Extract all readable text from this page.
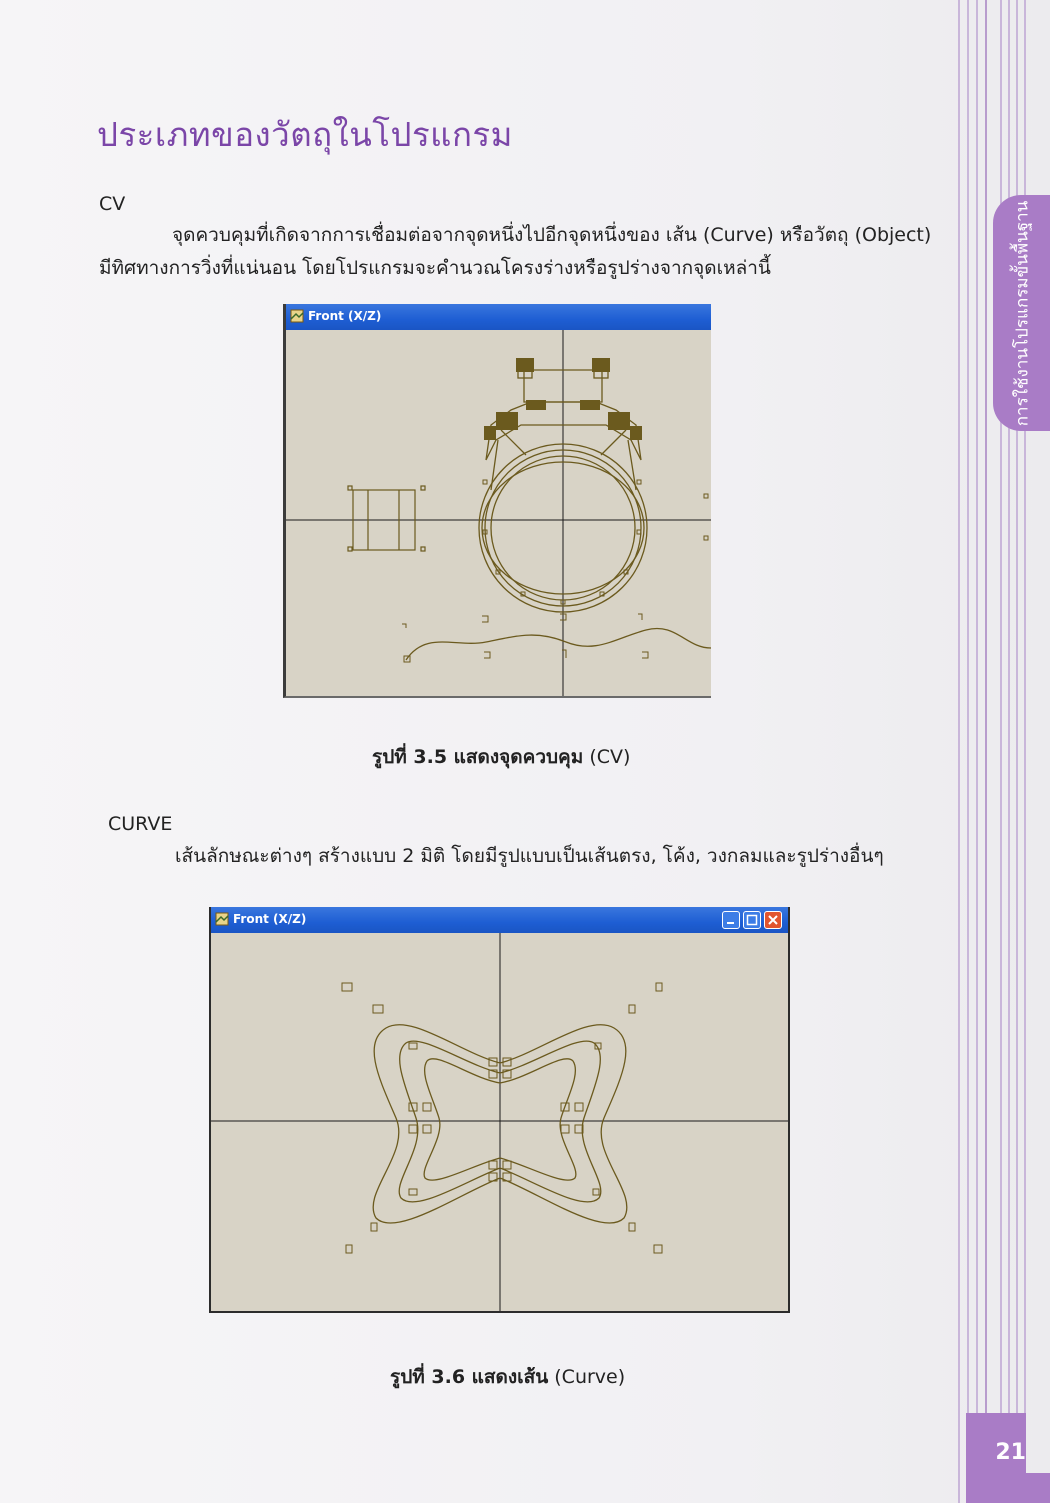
การใช้งานโปรแกรมขั้นพื้นฐาน
21
ประเภทของวัตถุในโปรแกรม
CV
จุดควบคุมที่เกิดจากการเชื่อมต่อจากจุดหนึ่งไปอีกจุดหนึ่งของ เส้น (Curve) หรือวัตถุ (Object)
มีทิศทางการวิ่งที่แน่นอน โดยโปรแกรมจะคำนวณโครงร่างหรือรูปร่างจากจุดเหล่านี้
Front (X/Z)
รูปที่ 3.5 แสดงจุดควบคุม (CV)
CURVE
เส้นลักษณะต่างๆ สร้างแบบ 2 มิติ โดยมีรูปแบบเป็นเส้นตรง, โค้ง, วงกลมและรูปร่างอื่นๆ
Front (X/Z)
รูปที่ 3.6 แสดงเส้น (Curve)
